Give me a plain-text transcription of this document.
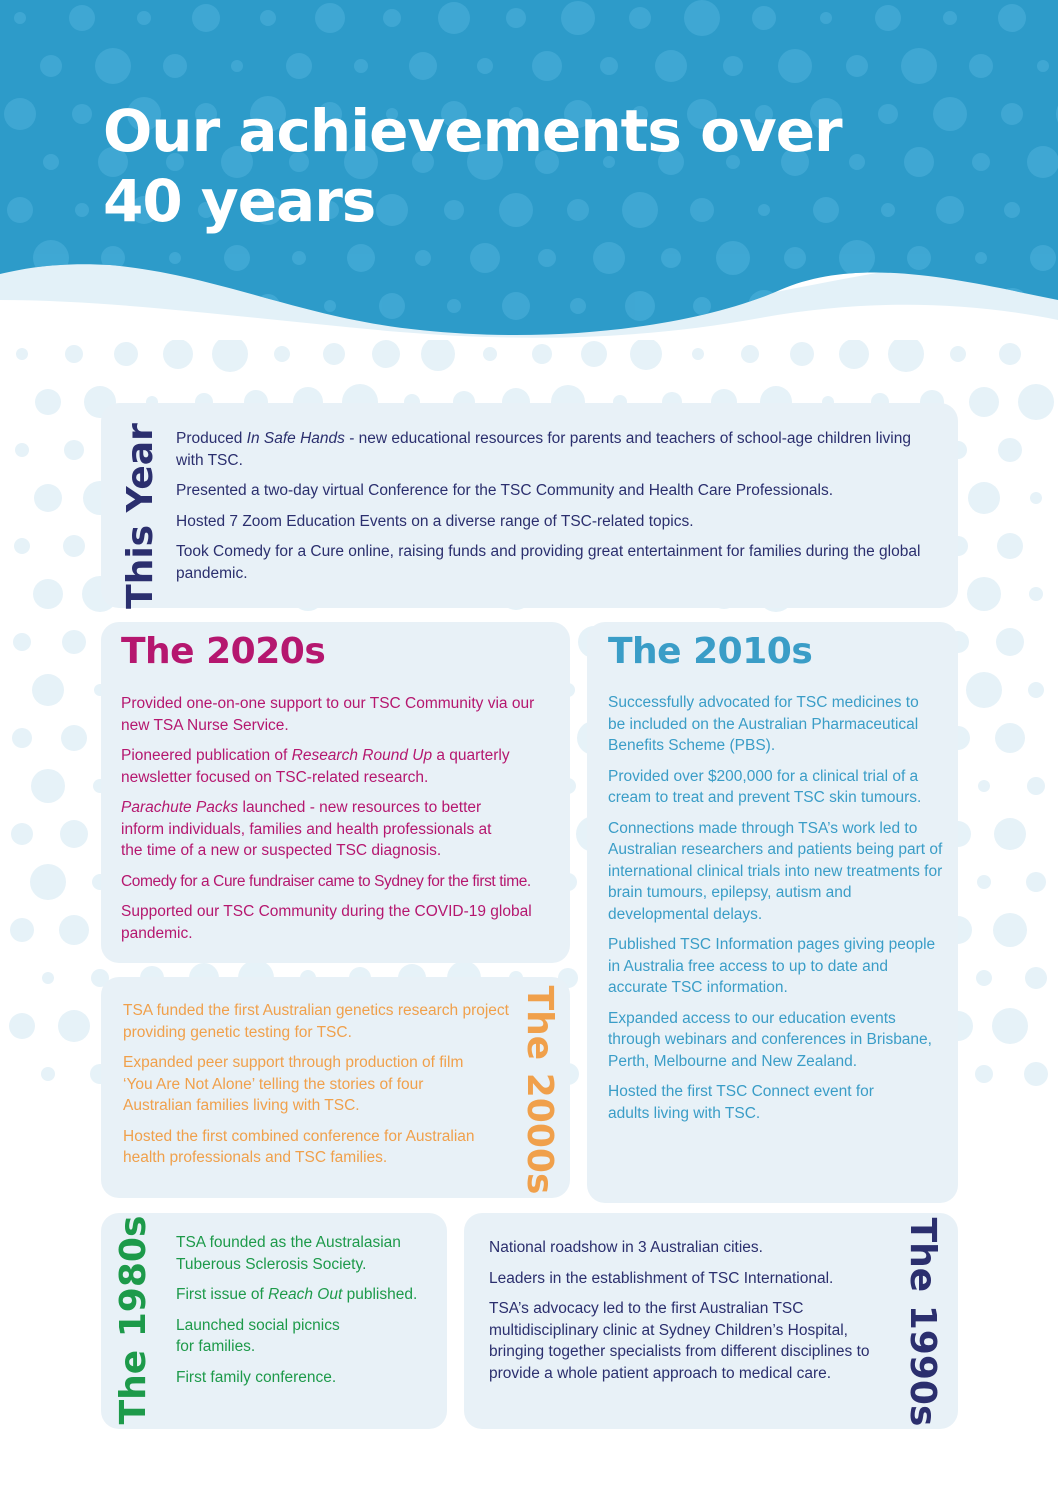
Our achievements over
40 years
This Year Produced In Safe Hands - new educational resources for parents and teachers of school-age children living with TSC.

Presented a two-day virtual Conference for the TSC Community and Health Care Professionals.

Hosted 7 Zoom Education Events on a diverse range of TSC-related topics.

Took Comedy for a Cure online, raising funds and providing great entertainment for families during the global pandemic.

The 2020s

Provided one-on-one support to our TSC Community via our new TSA Nurse Service.

Pioneered publication of Research Round Up a quarterly newsletter focused on TSC-related research.

Parachute Packs launched - new resources to better inform individuals, families and health professionals at the time of a new or suspected TSC diagnosis.

Comedy for a Cure fundraiser came to Sydney for the first time.

Supported our TSC Community during the COVID-19 global pandemic.

The 2010s

Successfully advocated for TSC medicines to be included on the Australian Pharmaceutical Benefits Scheme (PBS).

Provided over $200,000 for a clinical trial of a cream to treat and prevent TSC skin tumours.

Connections made through TSA’s work led to Australian researchers and patients being part of international clinical trials into new treatments for brain tumours, epilepsy, autism and developmental delays.

Published TSC Information pages giving people in Australia free access to up to date and accurate TSC information.

Expanded access to our education events through webinars and conferences in Brisbane, Perth, Melbourne and New Zealand.

Hosted the first TSC Connect event for adults living with TSC.

TSA funded the first Australian genetics research project providing genetic testing for TSC.

Expanded peer support through production of film ‘You Are Not Alone’ telling the stories of four Australian families living with TSC.

Hosted the first combined conference for Australian health professionals and TSC families.	The 2000s
The 1980s TSA founded as the Australasian Tuberous Sclerosis Society.

First issue of Reach Out published.

Launched social picnics for families.

First family conference.

National roadshow in 3 Australian cities.

Leaders in the establishment of TSC International.

TSA’s advocacy led to the first Australian TSC multidisciplinary clinic at Sydney Children’s Hospital, bringing together specialists from different disciplines to provide a whole patient approach to medical care.	The 1990s
